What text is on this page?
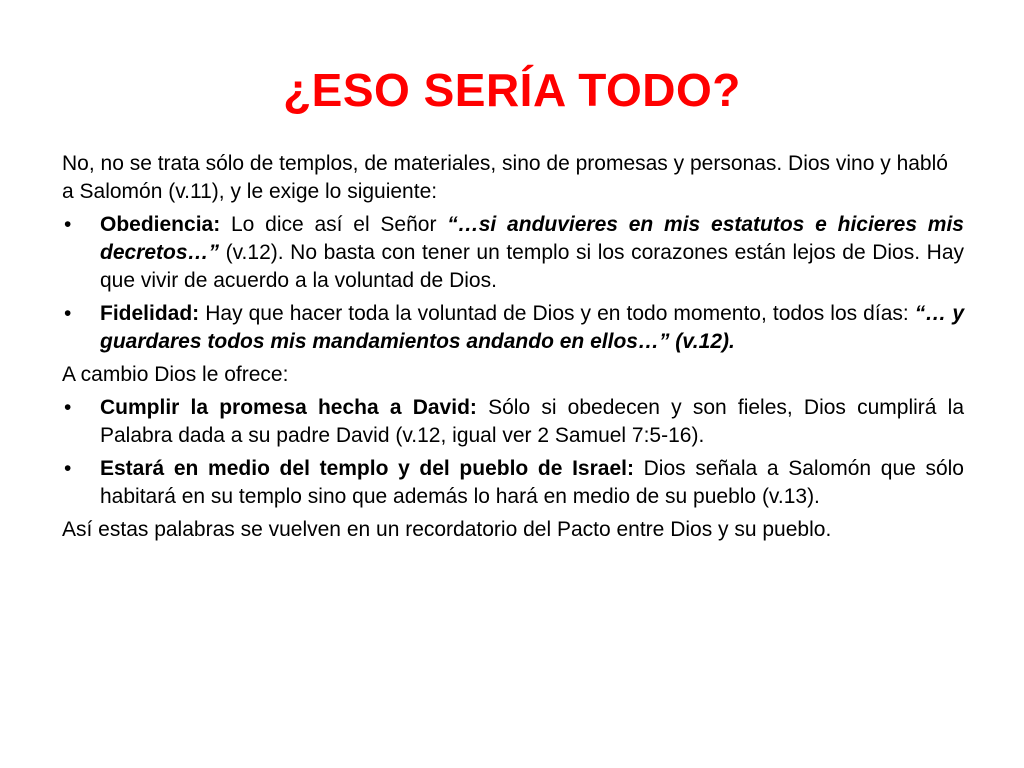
¿ESO SERÍA TODO?

No, no se trata sólo de templos, de materiales, sino de promesas y personas. Dios vino y habló a Salomón (v.11), y le exige lo siguiente:

•	Obediencia: Lo dice así el Señor “…si anduvieres en mis estatutos e hicieres mis decretos…” (v.12). No basta con tener un templo si los corazones están lejos de Dios. Hay que vivir de acuerdo a la voluntad de Dios.
•	Fidelidad: Hay que hacer toda la voluntad de Dios y en todo momento, todos los días: “… y guardares todos mis mandamientos andando en ellos…” (v.12).

A cambio Dios le ofrece:

•	Cumplir la promesa hecha a David: Sólo si obedecen y son fieles, Dios cumplirá la Palabra dada a su padre David (v.12, igual ver 2 Samuel 7:5-16).
•	Estará en medio del templo y del pueblo de Israel: Dios señala a Salomón que sólo habitará en su templo sino que además lo hará en medio de su pueblo (v.13).

Así estas palabras se vuelven en un recordatorio del Pacto entre Dios y su pueblo.
